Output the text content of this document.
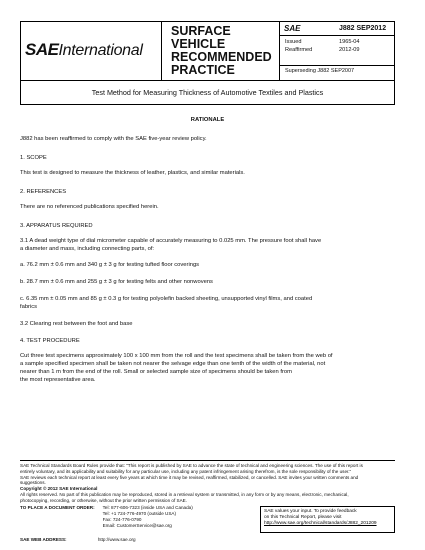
SAEInternational
SURFACE
VEHICLE
RECOMMENDED
PRACTICE
SAE	J882 SEP2012
Issued
Reaffirmed
1965-04
2012-09
Superseding J882 SEP2007
Test Method for Measuring Thickness of Automotive Textiles and Plastics

RATIONALE

J882 has been reaffirmed to comply with the SAE five-year review policy.

1. SCOPE

This test is designed to measure the thickness of leather, plastics, and similar materials.

2. REFERENCES

There are no referenced publications specified herein.

3. APPARATUS REQUIRED

3.1 A dead weight type of dial micrometer capable of accurately measuring to 0.025 mm. The pressure foot shall have

a diameter and mass, including connecting parts, of:

a. 76.2 mm ± 0.6 mm and 340 g ± 3 g for testing tufted floor coverings

b. 28.7 mm ± 0.6 mm and 255 g ± 3 g for testing felts and other nonwovens

c. 6.35 mm ± 0.05 mm and 85 g ± 0.3 g for testing polyolefin backed sheeting, unsupported vinyl films, and coated

fabrics

3.2 Clearing rest between the foot and base

4. TEST PROCEDURE

Cut three test specimens approximately 100 x 100 mm from the roll and the test specimens shall be taken from the web of

a sample specified specimen shall be taken not nearer the selvage edge than one tenth of the width of the material, not

nearer than 1 m from the end of the roll. Small or selected sample size of specimens should be taken from

the most representative area.

SAE Technical Standards Board Rules provide that: "This report is published by SAE to advance the state of technical and engineering sciences. The use of this report is
entirely voluntary, and its applicability and suitability for any particular use, including any patent infringement arising therefrom, is the sole responsibility of the user."
SAE reviews each technical report at least every five years at which time it may be revised, reaffirmed, stabilized, or cancelled. SAE invites your written comments and
suggestions.
Copyright © 2012 SAE International
All rights reserved. No part of this publication may be reproduced, stored in a retrieval system or transmitted, in any form or by any means, electronic, mechanical,
photocopying, recording, or otherwise, without the prior written permission of SAE.
TO PLACE A DOCUMENT ORDER: Tel: 877-606-7323 (inside USA and Canada)
Tel: +1 724-776-4970 (outside USA)
Fax: 724-776-0790
Email: CustomerService@sae.org
SAE values your input. To provide feedback
on this Technical Report, please visit
http://www.sae.org/technical/standards/J882_201209
SAE WEB ADDRESS:	http://www.sae.org
